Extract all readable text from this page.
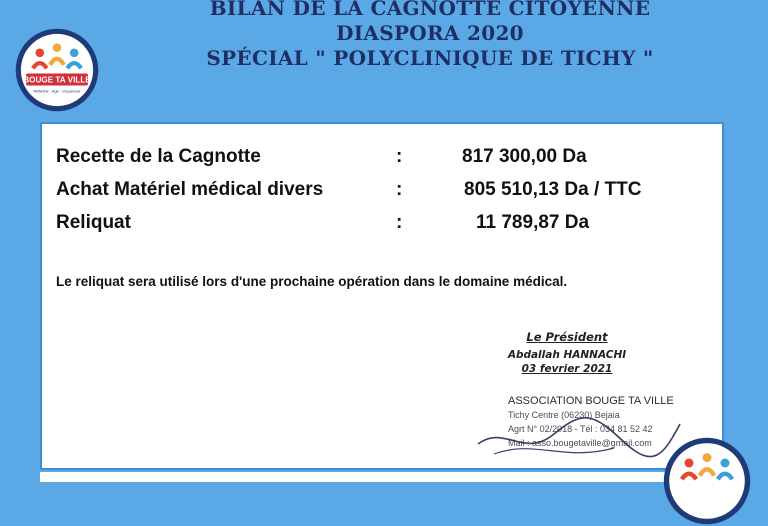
BILAN DE LA CAGNOTTE CITOYENNE
DIASPORA 2020
SPÉCIAL " POLYCLINIQUE DE TICHY "
BOUGE TA VILLE
Réfléchir · Agir · S'épanouir
Recette de la Cagnotte	:	817 300,00 Da
Achat Matériel médical divers	:	805 510,13 Da / TTC
Reliquat	:	11 789,87 Da
Le reliquat sera utilisé lors d'une prochaine opération dans le domaine médical.
Le Président
Abdallah HANNACHI
03 fevrier 2021
ASSOCIATION BOUGE TA VILLE
Tichy Centre (06230) Bejaia
Agrt N° 02/2018 - Tél : 034 81 52 42
Mail : asso.bougetaville@gmail.com
